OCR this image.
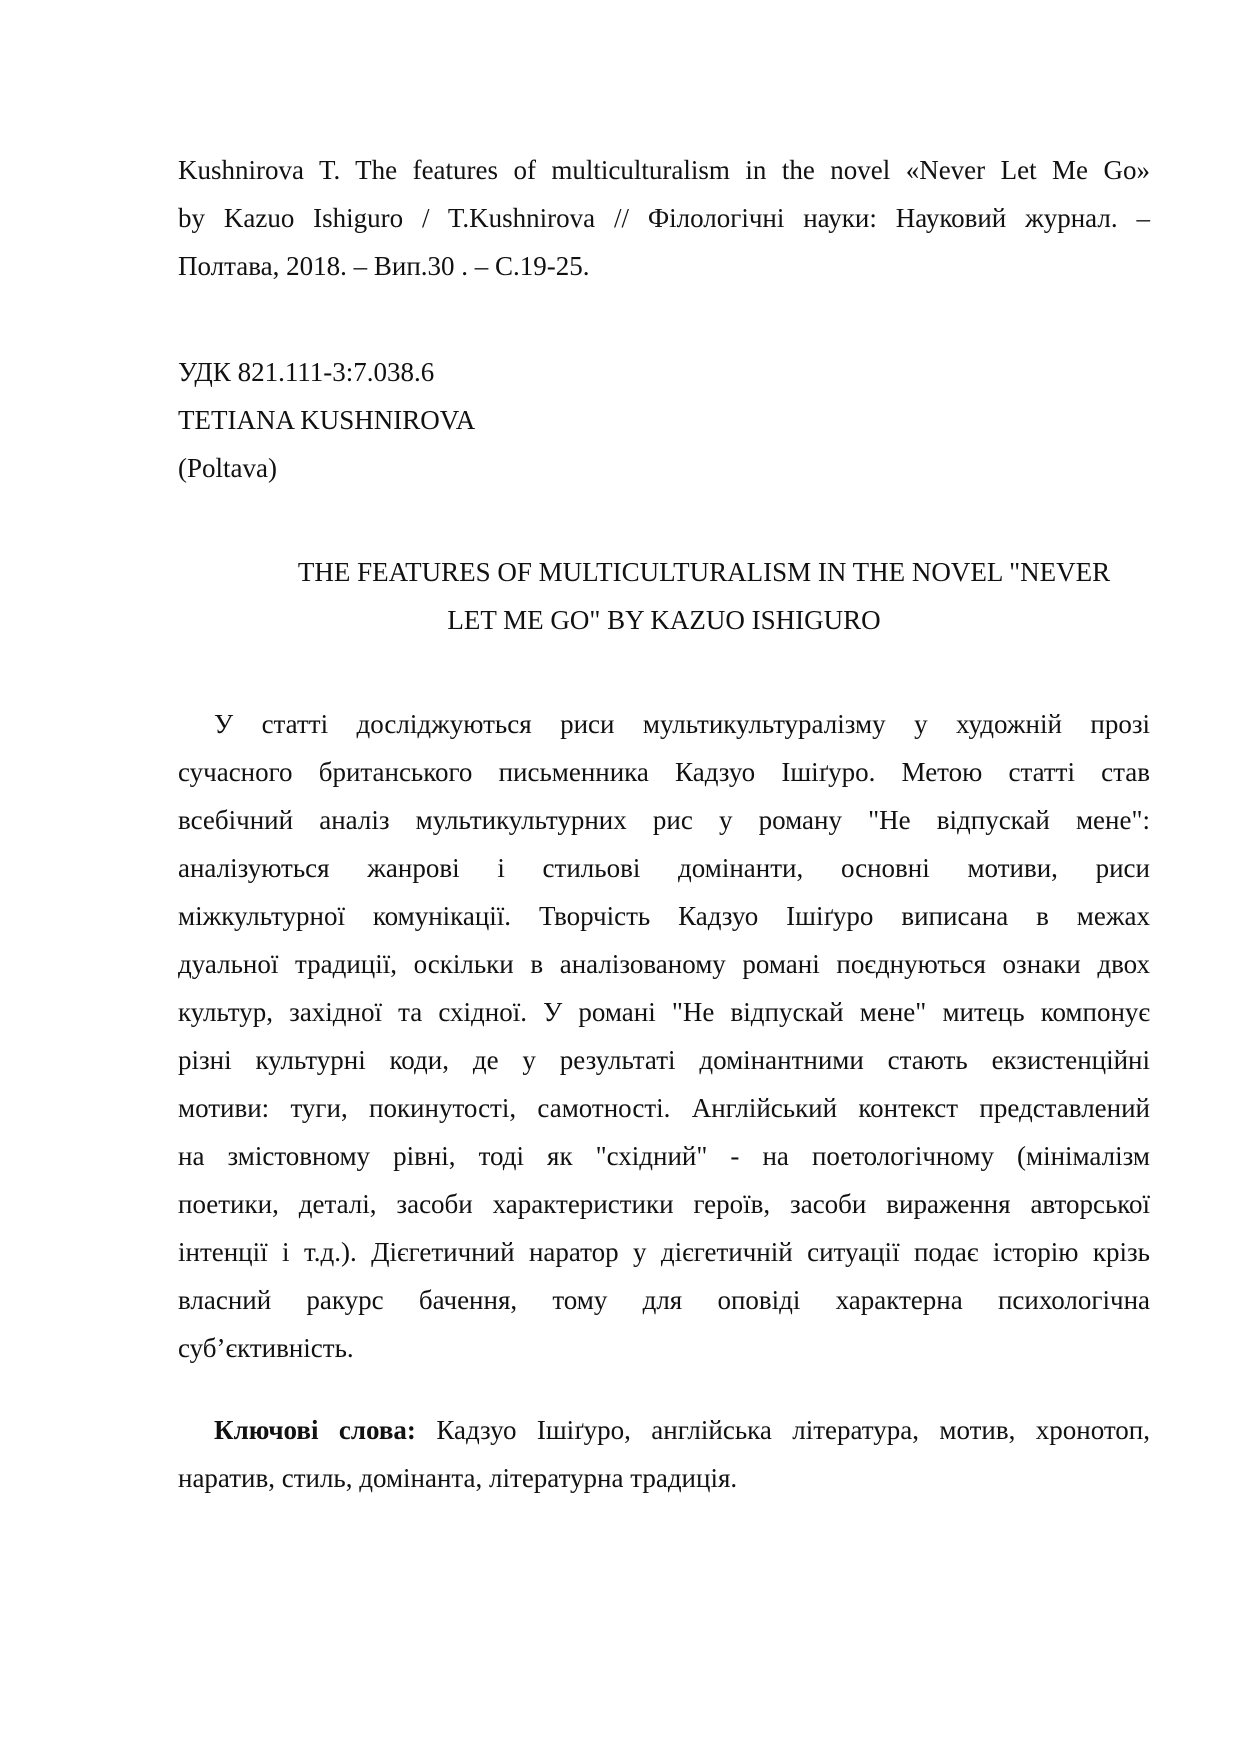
Kushnirova T. The features of multiculturalism in the novel «Never Let Me Go»
by Kazuo Ishiguro / T.Kushnirova // Філологічні науки: Науковий журнал. –
Полтава, 2018. – Вип.30 . – С.19-25.
УДК 821.111-3:7.038.6
TETIANA KUSHNIROVA
(Poltava)
THE FEATURES OF MULTICULTURALISM IN THE NOVEL "NEVER
LET ME GO" BY KAZUO ISHIGURO
У статті досліджуються риси мультикультуралізму у художній прозі
сучасного британського письменника Кадзуо Ішіґуро. Метою статті став
всебічний аналіз мультикультурних рис у роману "Не відпускай мене":
аналізуються жанрові і стильові домінанти, основні мотиви, риси
міжкультурної комунікації. Творчість Кадзуо Ішіґуро виписана в межах
дуальної традиції, оскільки в аналізованому романі поєднуються ознаки двох
культур, західної та східної. У романі "Не відпускай мене" митець компонує
різні культурні коди, де у результаті домінантними стають екзистенційні
мотиви: туги, покинутості, самотності. Англійський контекст представлений
на змістовному рівні, тоді як "східний" - на поетологічному (мінімалізм
поетики, деталі, засоби характеристики героїв, засоби вираження авторської
інтенції і т.д.). Дієгетичний наратор у дієгетичній ситуації подає історію крізь
власний ракурс бачення, тому для оповіді характерна психологічна
суб’єктивність.
Ключові слова: Кадзуо Ішіґуро, англійська література, мотив, хронотоп,
наратив, стиль, домінанта, літературна традиція.
